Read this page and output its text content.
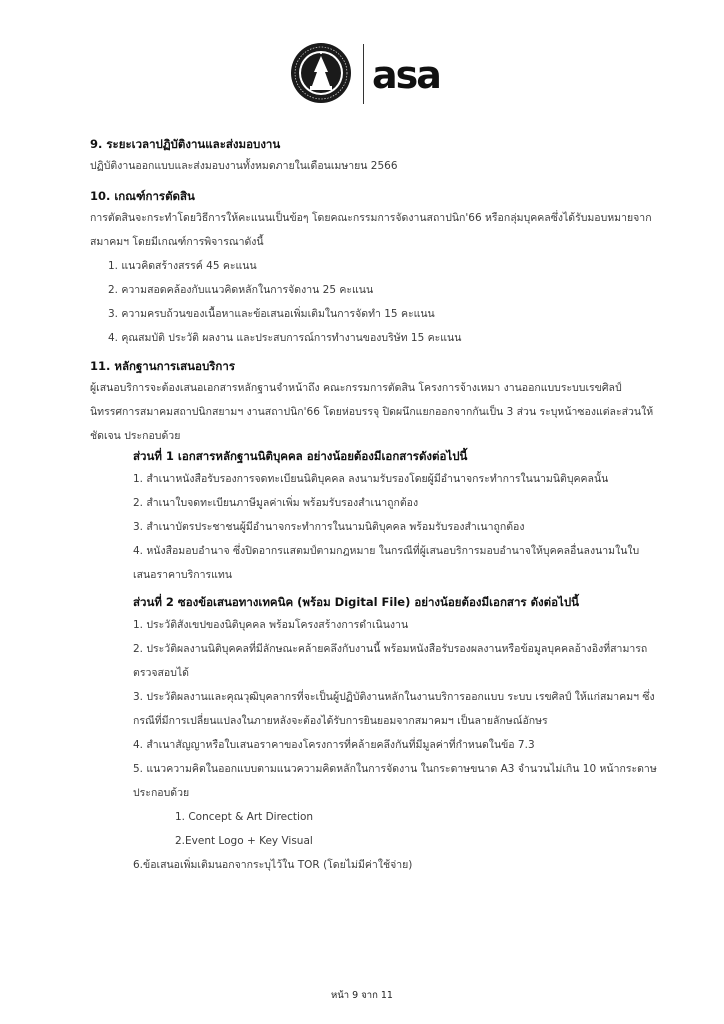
asa
9. ระยะเวลาปฏิบัติงานและส่งมอบงาน
ปฏิบัติงานออกแบบและส่งมอบงานทั้งหมดภายในเดือนเมษายน 2566
10. เกณฑ์การตัดสิน
การตัดสินจะกระทำโดยวิธีการให้คะแนนเป็นข้อๆ โดยคณะกรรมการจัดงานสถาปนิก'66 หรือกลุ่มบุคคลซึ่งได้รับมอบหมายจาก
สมาคมฯ โดยมีเกณฑ์การพิจารณาดังนี้
1. แนวคิดสร้างสรรค์ 45 คะแนน
2. ความสอดคล้องกับแนวคิดหลักในการจัดงาน 25 คะแนน
3. ความครบถ้วนของเนื้อหาและข้อเสนอเพิ่มเติมในการจัดทำ 15 คะแนน
4. คุณสมบัติ ประวัติ ผลงาน และประสบการณ์การทำงานของบริษัท 15 คะแนน
11. หลักฐานการเสนอบริการ
ผู้เสนอบริการจะต้องเสนอเอกสารหลักฐานจำหน้าถึง คณะกรรมการตัดสิน โครงการจ้างเหมา งานออกแบบระบบเรขศิลป์
นิทรรศการสมาคมสถาปนิกสยามฯ งานสถาปนิก'66 โดยห่อบรรจุ ปิดผนึกแยกออกจากกันเป็น 3 ส่วน ระบุหน้าซองแต่ละส่วนให้
ชัดเจน ประกอบด้วย
ส่วนที่ 1 เอกสารหลักฐานนิติบุคคล อย่างน้อยต้องมีเอกสารดังต่อไปนี้
1. สำเนาหนังสือรับรองการจดทะเบียนนิติบุคคล ลงนามรับรองโดยผู้มีอำนาจกระทำการในนามนิติบุคคลนั้น
2. สำเนาใบจดทะเบียนภาษีมูลค่าเพิ่ม พร้อมรับรองสำเนาถูกต้อง
3. สำเนาบัตรประชาชนผู้มีอำนาจกระทำการในนามนิติบุคคล พร้อมรับรองสำเนาถูกต้อง
4. หนังสือมอบอำนาจ ซึ่งปิดอากรแสตมป์ตามกฎหมาย ในกรณีที่ผู้เสนอบริการมอบอำนาจให้บุคคลอื่นลงนามในใบ
เสนอราคาบริการแทน
ส่วนที่ 2 ซองข้อเสนอทางเทคนิค (พร้อม Digital File) อย่างน้อยต้องมีเอกสาร ดังต่อไปนี้
1. ประวัติสังเขปของนิติบุคคล พร้อมโครงสร้างการดำเนินงาน
2. ประวัติผลงานนิติบุคคลที่มีลักษณะคล้ายคลึงกับงานนี้ พร้อมหนังสือรับรองผลงานหรือข้อมูลบุคคลอ้างอิงที่สามารถ
ตรวจสอบได้
3. ประวัติผลงานและคุณวุฒิบุคลากรที่จะเป็นผู้ปฏิบัติงานหลักในงานบริการออกแบบ ระบบ เรขศิลป์ ให้แก่สมาคมฯ ซึ่ง
กรณีที่มีการเปลี่ยนแปลงในภายหลังจะต้องได้รับการยินยอมจากสมาคมฯ เป็นลายลักษณ์อักษร
4. สำเนาสัญญาหรือใบเสนอราคาของโครงการที่คล้ายคลึงกันที่มีมูลค่าที่กำหนดในข้อ 7.3
5. แนวความคิดในออกแบบตามแนวความคิดหลักในการจัดงาน ในกระดาษขนาด A3 จำนวนไม่เกิน 10 หน้ากระดาษ
ประกอบด้วย
1. Concept & Art Direction
2.Event Logo + Key Visual
6.ข้อเสนอเพิ่มเติมนอกจากระบุไว้ใน TOR (โดยไม่มีค่าใช้จ่าย)
หน้า 9 จาก 11
